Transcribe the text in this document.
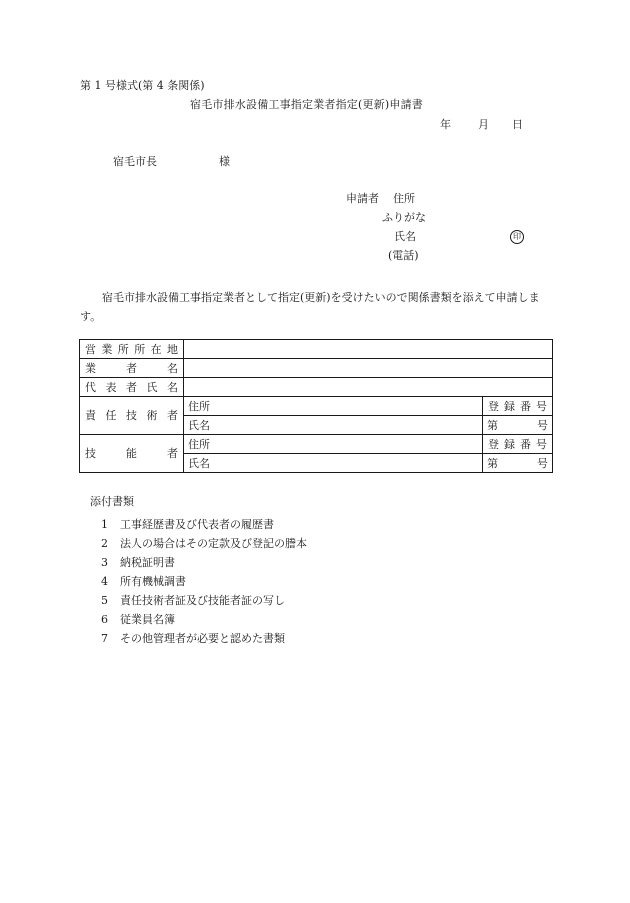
第 1 号様式(第 4 条関係)
宿毛市排水設備工事指定業者指定(更新)申請書
年 月 日
宿毛市長	様
申請者 住所
ふりがな
氏名	印
(電話)
宿毛市排水設備工事指定業者として指定(更新)を受けたいので関係書類を添えて申請します。
営業所所在地		
業者名		
代表者氏名		
責任技術者	住所	登録番号
	氏名	第 号

技能者	住所	登録番号
	氏名	第 号
添付書類
1 工事経歴書及び代表者の履歴書
2 法人の場合はその定款及び登記の謄本
3 納税証明書
4 所有機械調書
5 責任技術者証及び技能者証の写し
6 従業員名簿
7 その他管理者が必要と認めた書類
